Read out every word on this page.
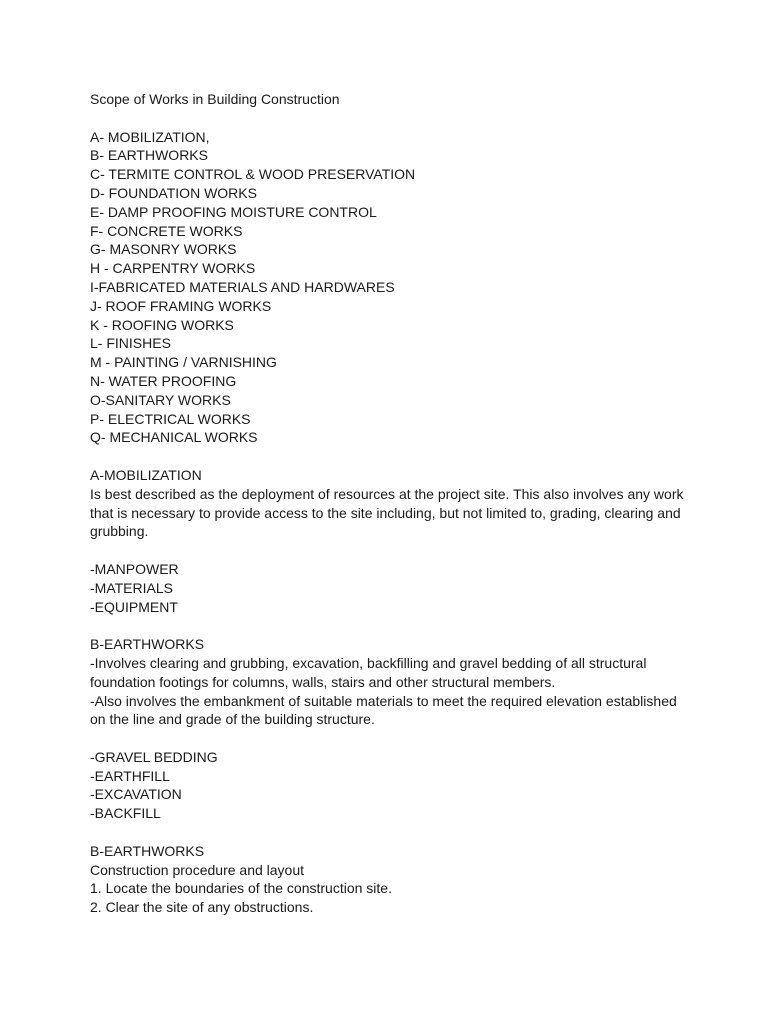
Scope of Works in Building Construction

A- MOBILIZATION,

B- EARTHWORKS

C- TERMITE CONTROL & WOOD PRESERVATION

D- FOUNDATION WORKS

E- DAMP PROOFING MOISTURE CONTROL

F- CONCRETE WORKS

G- MASONRY WORKS

H - CARPENTRY WORKS

I-FABRICATED MATERIALS AND HARDWARES

J- ROOF FRAMING WORKS

K - ROOFING WORKS

L- FINISHES

M - PAINTING / VARNISHING

N- WATER PROOFING

O-SANITARY WORKS

P- ELECTRICAL WORKS

Q- MECHANICAL WORKS

A-MOBILIZATION

Is best described as the deployment of resources at the project site. This also involves any work that is necessary to provide access to the site including, but not limited to, grading, clearing and grubbing.

-MANPOWER

-MATERIALS

-EQUIPMENT

B-EARTHWORKS

-Involves clearing and grubbing, excavation, backfilling and gravel bedding of all structural foundation footings for columns, walls, stairs and other structural members.

-Also involves the embankment of suitable materials to meet the required elevation established on the line and grade of the building structure.

-GRAVEL BEDDING

-EARTHFILL

-EXCAVATION

-BACKFILL

B-EARTHWORKS

Construction procedure and layout

1. Locate the boundaries of the construction site.

2. Clear the site of any obstructions.
